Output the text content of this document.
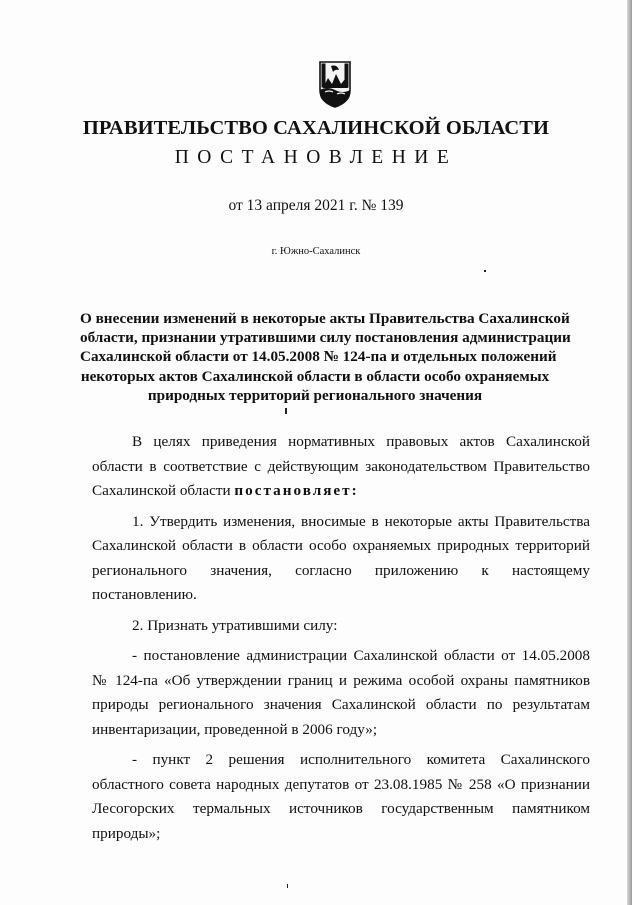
ПРАВИТЕЛЬСТВО САХАЛИНСКОЙ ОБЛАСТИ
ПОСТАНОВЛЕНИЕ
от 13 апреля 2021 г. № 139
г. Южно-Сахалинск
О внесении изменений в некоторые акты Правительства Сахалинской
области, признании утратившими силу постановления администрации
Сахалинской области от 14.05.2008 № 124-па и отдельных положений
некоторых актов Сахалинской области в области особо охраняемых
природных территорий регионального значения

В целях приведения нормативных правовых актов Сахалинской области в соответствие с действующим законодательством Правительство Сахалинской области постановляет:

1. Утвердить изменения, вносимые в некоторые акты Правительства Сахалинской области в области особо охраняемых природных территорий регионального значения, согласно приложению к настоящему постановлению.

2. Признать утратившими силу:

- постановление администрации Сахалинской области от 14.05.2008 № 124-па «Об утверждении границ и режима особой охраны памятников природы регионального значения Сахалинской области по результатам инвентаризации, проведенной в 2006 году»;

- пункт 2 решения исполнительного комитета Сахалинского областного совета народных депутатов от 23.08.1985 № 258 «О признании Лесогорских термальных источников государственным памятником природы»;
